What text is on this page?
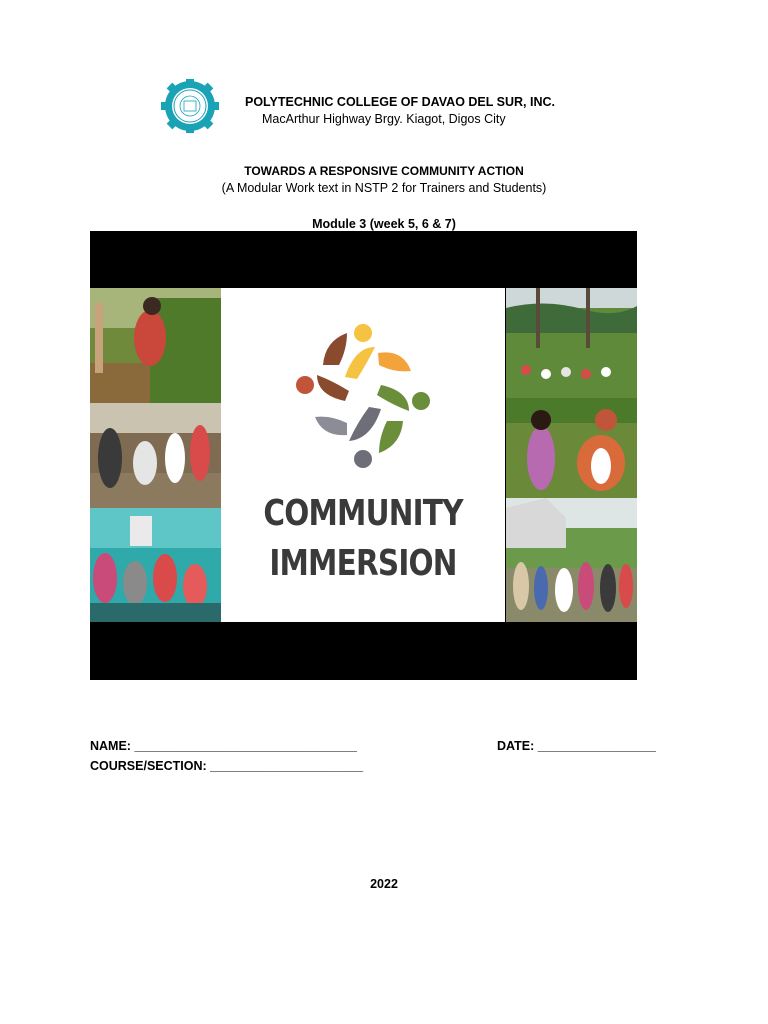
POLYTECHNIC COLLEGE OF DAVAO DEL SUR, INC.
MacArthur Highway Brgy. Kiagot, Digos City
TOWARDS A RESPONSIVE COMMUNITY ACTION
(A Modular Work text in NSTP 2 for Trainers and Students)
Module 3 (week 5, 6 & 7)
COMMUNITY
IMMERSION
NAME: ________________________________	DATE: _________________
COURSE/SECTION: ______________________
2022
